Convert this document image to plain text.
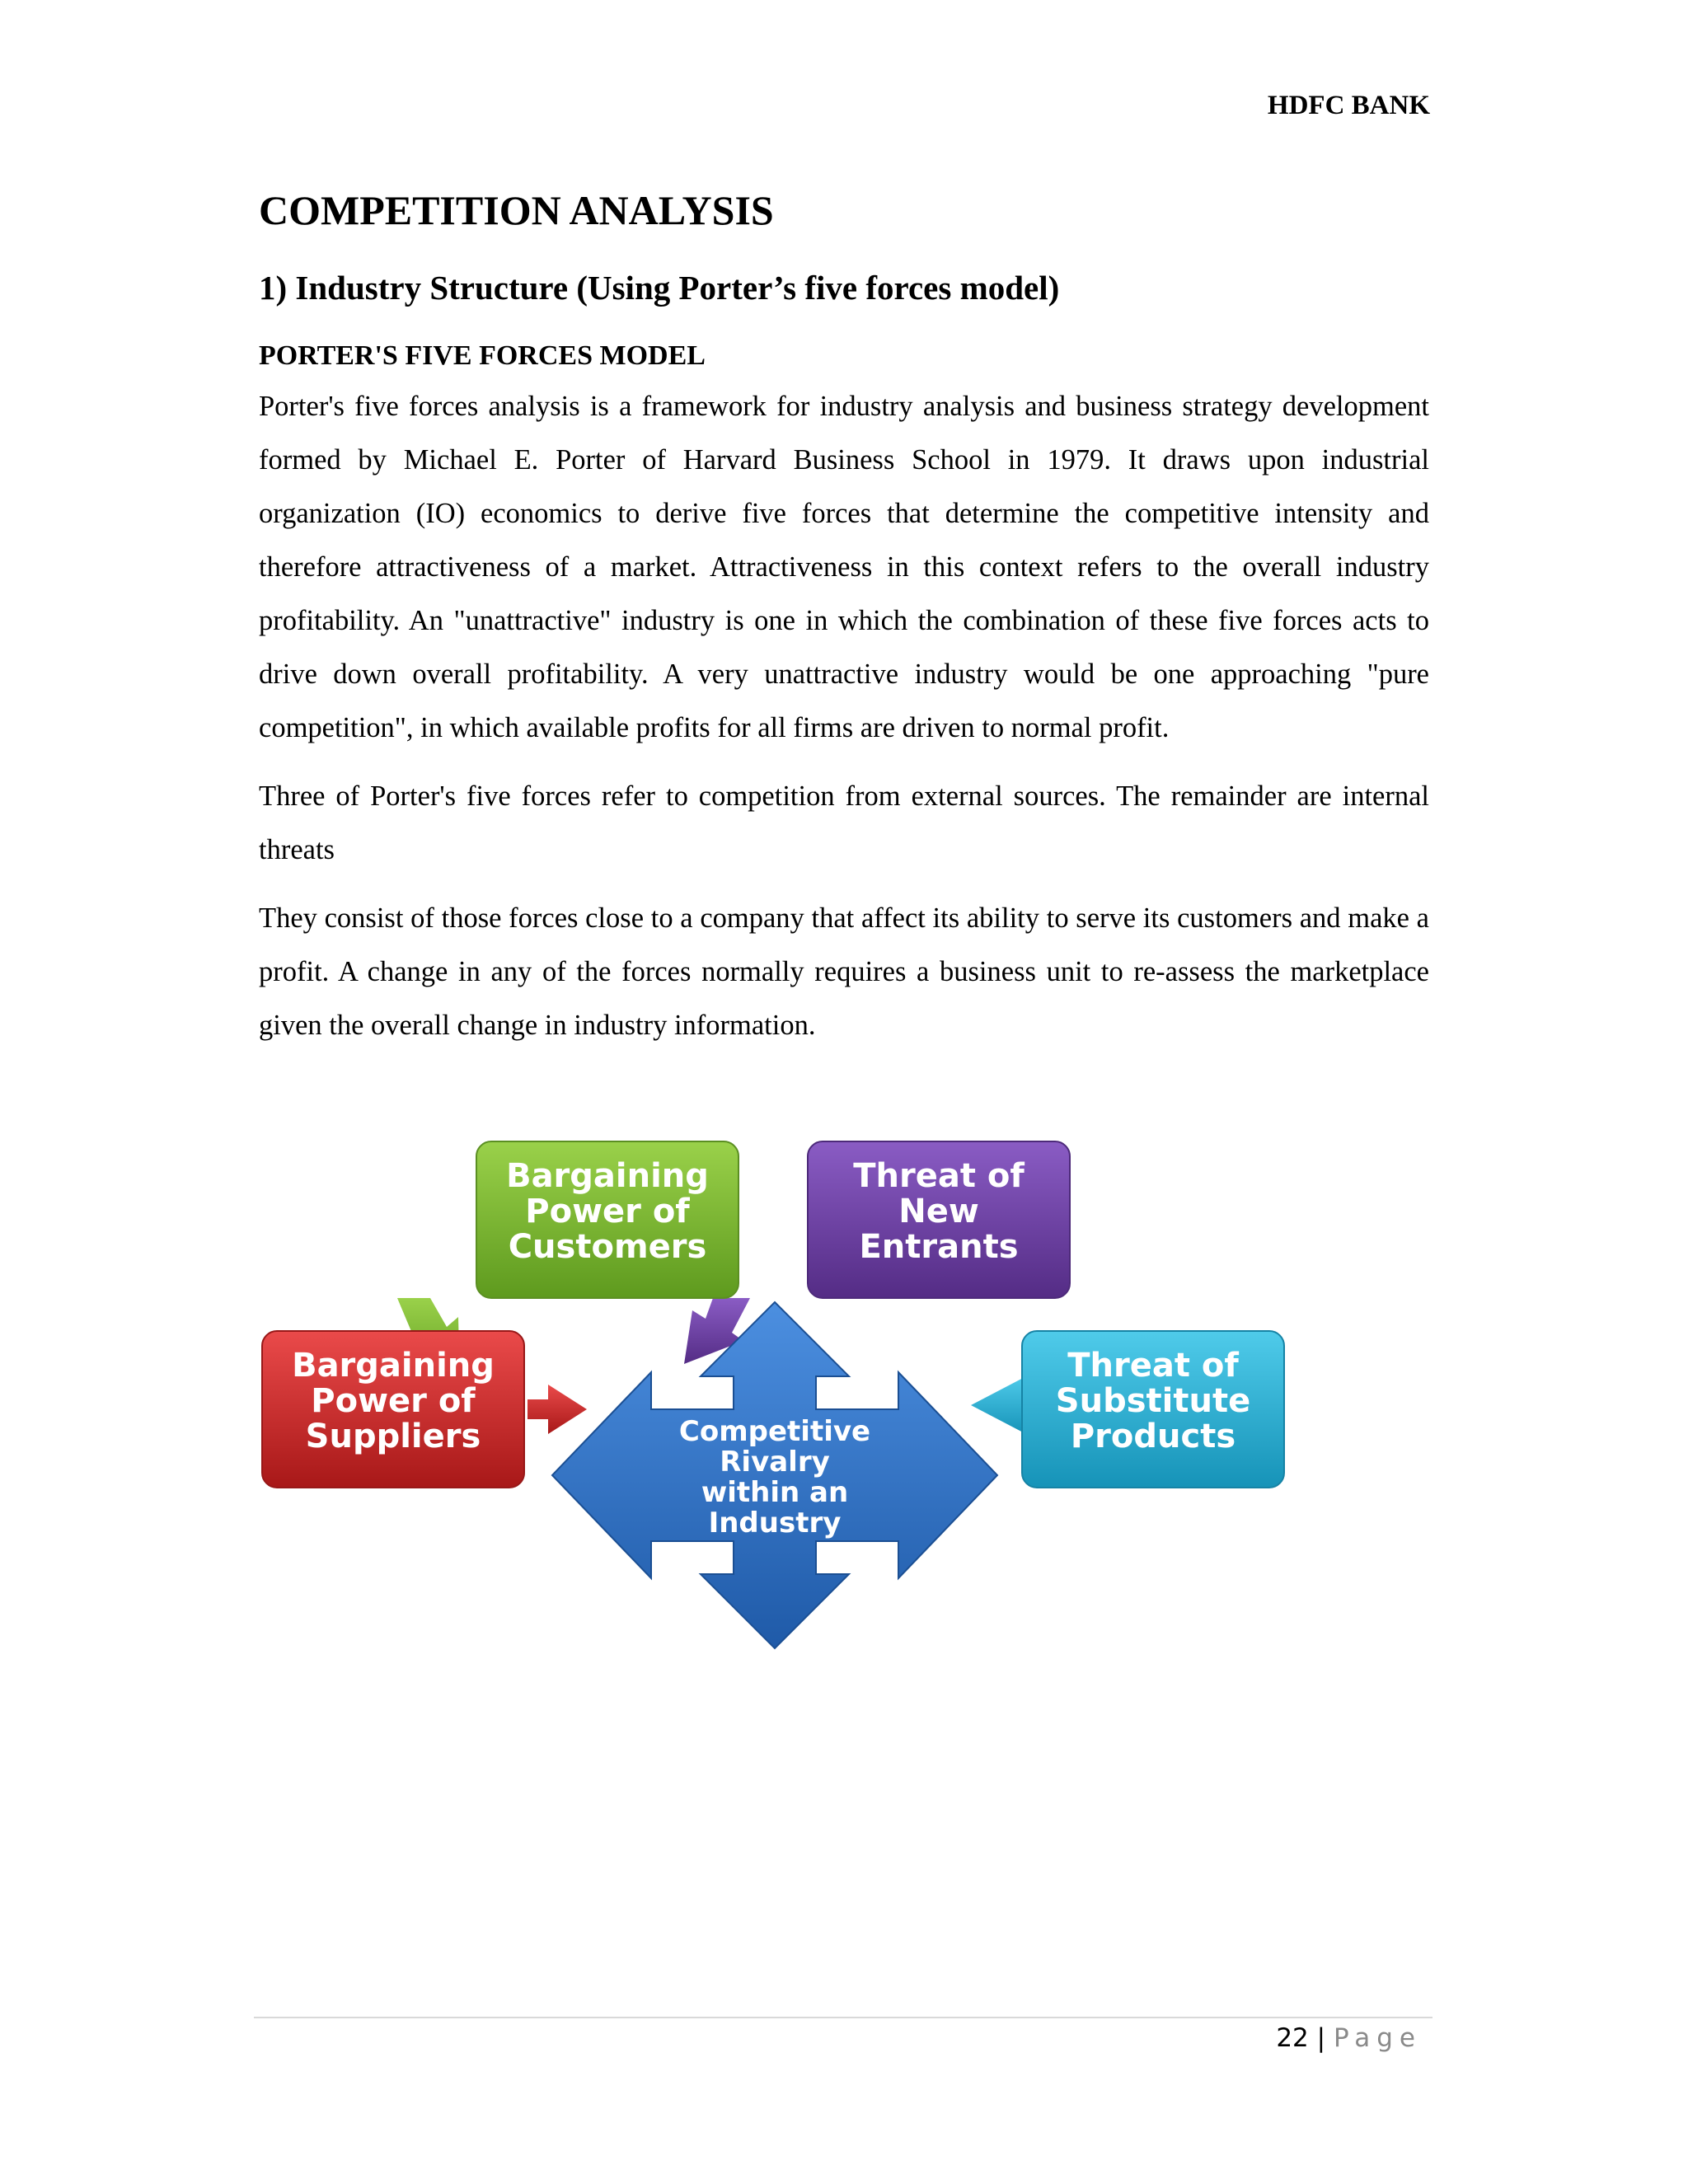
HDFC BANK
COMPETITION ANALYSIS
1) Industry Structure (Using Porter’s five forces model)
PORTER'S FIVE FORCES MODEL

Porter's five forces analysis is a framework for industry analysis and business strategy development formed by Michael E. Porter of Harvard Business School in 1979. It draws upon industrial organization (IO) economics to derive five forces that determine the competitive intensity and therefore attractiveness of a market. Attractiveness in this context refers to the overall industry profitability. An "unattractive" industry is one in which the combination of these five forces acts to drive down overall profitability. A very unattractive industry would be one approaching "pure competition", in which available profits for all firms are driven to normal profit.

Three of Porter's five forces refer to competition from external sources. The remainder are internal threats

They consist of those forces close to a company that affect its ability to serve its customers and make a profit. A change in any of the forces normally requires a business unit to re-assess the marketplace given the overall change in industry information.

Bargaining
Power of
Customers
Threat of
New
Entrants
Bargaining
Power of
Suppliers
Threat of
Substitute
Products
Competitive
Rivalry
within an
Industry
22 | Page
